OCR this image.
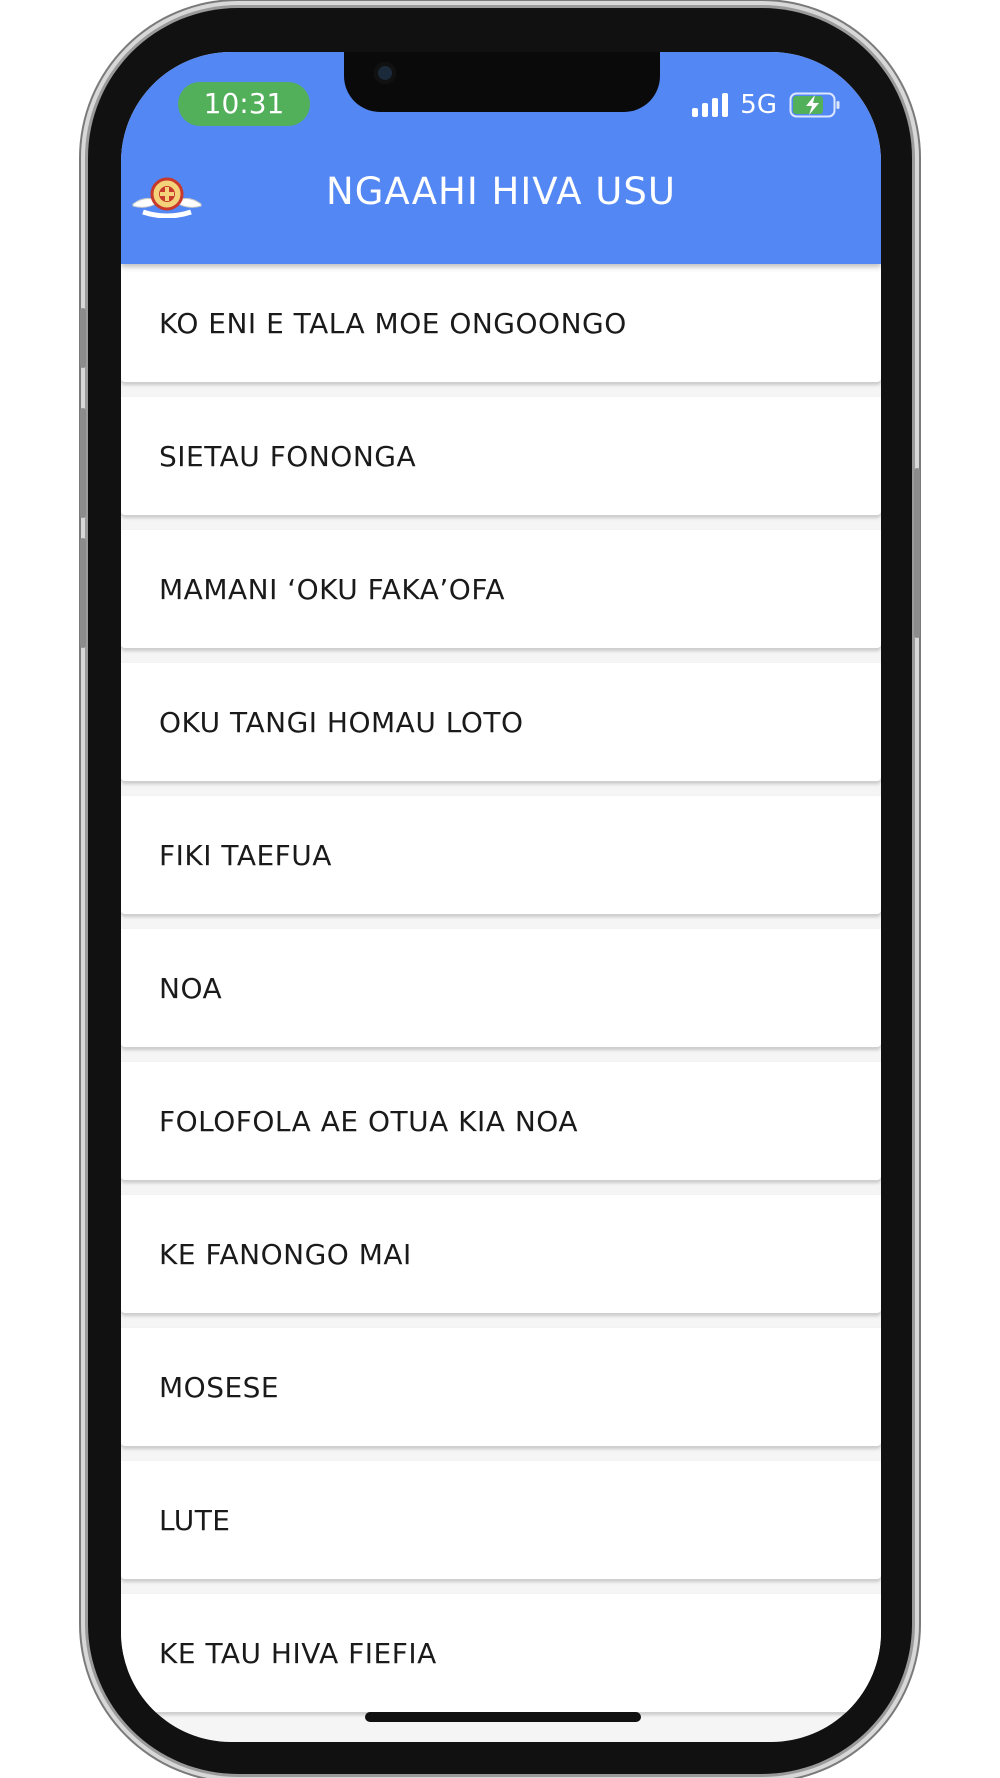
10:31	5G
NGAAHI HIVA USU
KO ENI E TALA MOE ONGOONGO
SIETAU FONONGA
MAMANI ‘OKU FAKA’OFA
OKU TANGI HOMAU LOTO
FIKI TAEFUA
NOA
FOLOFOLA AE OTUA KIA NOA
KE FANONGO MAI
MOSESE
LUTE
KE TAU HIVA FIEFIA
